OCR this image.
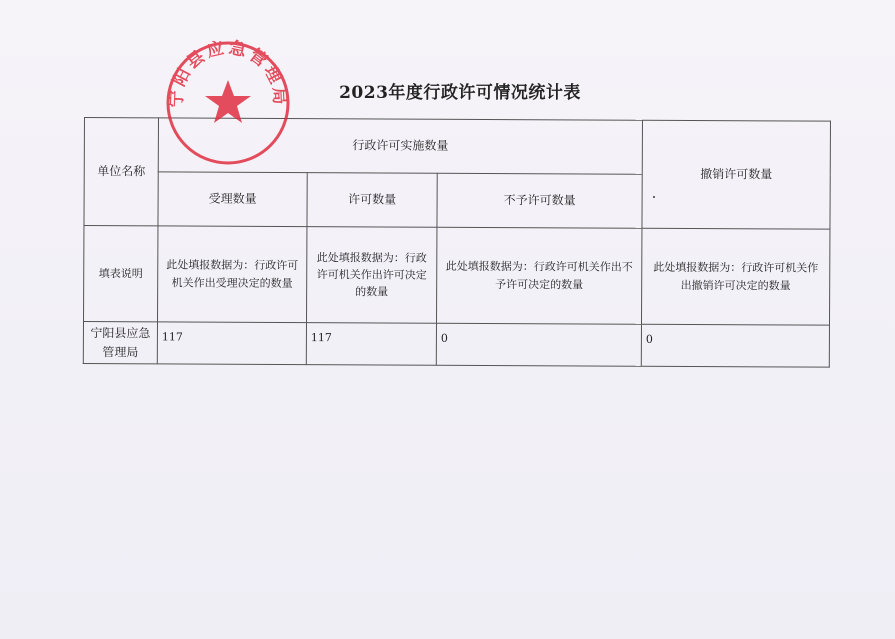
2023年度行政许可情况统计表
单位名称	行政许可实施数量			撤销许可数量
	受理数量	许可数量	不予许可数量	
填表说明	此处填报数据为：行政许可机关作出受理决定的数量	此处填报数据为：行政许可机关作出许可决定的数量	此处填报数据为：行政许可机关作出不予许可决定的数量	此处填报数据为：行政许可机关作出撤销许可决定的数量
宁阳县应急管理局	117	117	0	0
宁阳县应急管理局
